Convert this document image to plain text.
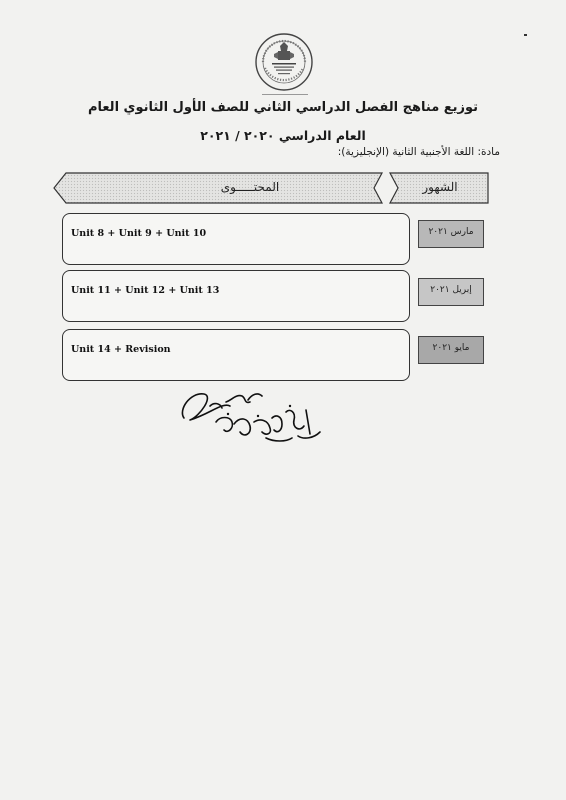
توزيع مناهج الفصل الدراسي الثاني للصف الأول الثانوي العام
العام الدراسي ٢٠٢٠ / ٢٠٢١
مادة: اللغة الأجنبية الثانية (الإنجليزية):
المحتـــــوى	الشهور
Unit 8 + Unit 9 + Unit 10	مارس ٢٠٢١
Unit 11 + Unit 12 + Unit 13	إبريل ٢٠٢١
Unit 14 + Revision	مايو ٢٠٢١
